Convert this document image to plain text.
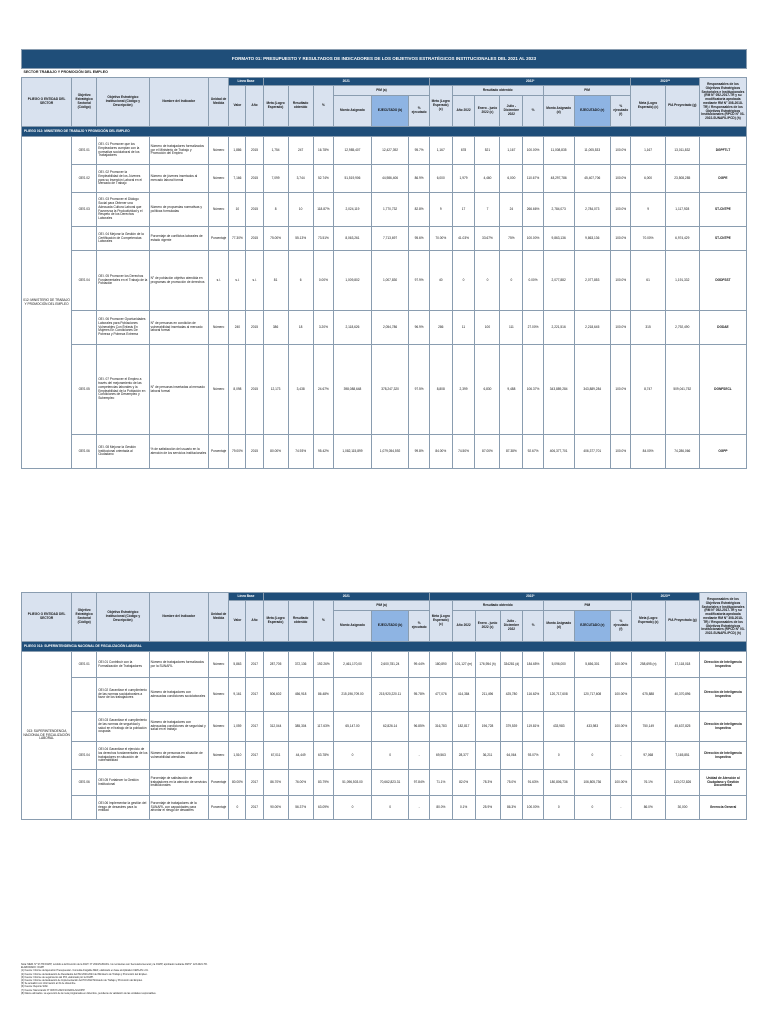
FORMATO 01: PRESUPUESTO Y RESULTADOS DE INDICADORES DE LOS OBJETIVOS ESTRATÉGICOS INSTITUCIONALES DEL 2021 AL 2023																							
SECTOR TRABAJO Y PROMOCIÓN DEL EMPLEO																							
PLIEGO O ENTIDAD DEL SECTOR	Objetivo Estratégico Sectorial (Código)	Objetivo Estratégico Institucional (Código y Descripción)	Nombre del Indicador	Unidad de Medida	Línea Base		2021						2022*								2023**		Responsables de los Objetivos Estratégicos Sectoriales e Institucionales (RM N° 052-2017-TR y su modificatoria aprobada mediante RM N° 308-2018-TR) / Responsables de los Objetivos Estratégicos Institucionales (RPCD N° 03-2022-SUNAFIL/PCD) (h)
					Valor	Año	Meta (Logro Esperado)	Resultado obtenido	%	PIM (a)			Meta (Logro Esperado) (c)	Resultado obtenido				PIM			Meta (Logro Esperado) (c)	PIA Proyectado (g)	
										Monto Asignado	EJECUTADO (b)	% ejecutado		Año 2022	Enero - junio 2022 (c)	Julio - Diciembre 2022	%	Monto Asignado (d)	EJECUTADO (e)	% ejecutado (f)			

PLIEGO 012: MINISTERIO DE TRABAJO Y PROMOCIÓN DEL EMPLEO																							
012: MINISTERIO DE TRABAJO Y PROMOCIÓN DEL EMPLEO	OES.01	OEI. 01 Promover que los Empleadores cumplan con la normativa sociolaboral de los Trabajadores	Número de trabajadores formalizados por el Ministerio de Trabajo y Promoción del Empleo	Número	1,886	2015	1,754	247	16.78%	12,985,407	12,427,392	95.7%	1,167	678	521	1,167	100.00%	11,008,835	11,005,533	100.0%	1,167	13,011,832	DGPFTLT
	OES.02	OEI. 02 Promover la Empleabilidad de los Jóvenes para su Inserción Laboral en el Mercado de Trabajo	Número de jóvenes insertados al mercado laboral formal	Número	7,166	2015	7,099	3,744	52.74%	51,519,906	44,986,406	86.9%	6,000	1,979	4,460	6,000	110.67%	48,297,786	45,407,706	100.0%	6,000	23,508,285	DGPE
	OES.03	OEI. 03 Promover el Diálogo Social para Obtener una Adecuada Cultura Laboral que Favorezca la Productividad y el Respeto de los Derechos Laborales	Número de propuestas normativas y políticas formuladas	Número	10	2015	8	10	118.87%	2,024,119	1,770,732	82.8%	9	17	7	24	266.66%	2,784,073	2,784,073	100.0%	9	1,117,928	ST-CNTPE
		OEI. 04 Mejorar la Gestión de la Certificación de Competencias Laborales	Porcentaje de conflictos laborales de estado vigente	Porcentaje	77.30%	2015	75.00%	55.13%	73.51%	8,063,261	7,713,697	95.6%	70.00%	41.03%	33.67%	75%	100.00%	9,863,136	9,863,136	100.0%	70.00%	6,974,429	ST-CNTPE
	OES.04	OEI. 05 Promover los Derechos Fundamentales en el Trabajo de la Población	N° de población objetivo atendida en programas de promoción de derechos	s.i.	s.i.	s.i.	81	6	0.00%	1,009,802	1,007,830	97.9%	40	0	0	0	0.00%	2,077,882	2,077,853	100.0%	61	1,191,332	DGDFSST
		OEI. 06 Promover Oportunidades Laborales para Poblaciones Vulnerables Con Énfasis En Mujeres En Condiciones De Pobreza y Pobreza Extrema	N° de personas en condición de vulnerabilidad insertadas al mercado laboral formal	Número	240	2015	386	18	3.20%	2,118,626	2,054,786	96.9%	286	11	100	111	27.00%	2,221,516	2,218,645	100.0%	315	2,792,490	DGDAE
	OES.05	OEI. 07 Promover el Empleo a través del mejoramiento de las competencias laborales y la Empleabilidad de la Población en Condiciones de Desempleo y Subempleo	N° de personas insertadas al mercado laboral formal	Número	8,098	2015	12,173	3,438	24.67%	398,088,648	378,247,320	97.5%	8,808	2,399	6,830	9,488	106.37%	343,889,284	343,889,284	100.0%	8,747	509,041,752	DGNFSECL
	OES.06	OEI. 08 Mejorar la Gestión Institucional orientada al Ciudadano	% de satisfacción del usuario en la atención de los servicios institucionales	Porcentaje	79.00%	2015	80.00%	74.93%	95.42%	1,082,115,899	1,079,054,592	99.8%	84.00%	74.50%	87.00%	87.38%	92.67%	406,377,701	406,377,701	100.0%	84.00%	74,286,066	OGPP
PLIEGO O ENTIDAD DEL SECTOR	Objetivo Estratégico Sectorial (Código)	Objetivo Estratégico Institucional (Código y Descripción)	Nombre del Indicador	Unidad de Medida	Línea Base		2021						2022*								2023**		Responsables de los Objetivos Estratégicos Sectoriales e Institucionales (RM N° 052-2017-TR y su modificatoria aprobada mediante RM N° 308-2018-TR) / Responsables de los Objetivos Estratégicos Institucionales (RPCD N° 03-2022-SUNAFIL/PCD) (h)
					Valor	Año	Meta (Logro Esperado)	Resultado obtenido	%	PIM (a)			Meta (Logro Esperado) (c)	Resultado obtenido				PIM			Meta (Logro Esperado) (c)	PIA Proyectado (g)	
										Monto Asignado	EJECUTADO (b)	% ejecutado		Año 2022	Enero - junio 2022 (c)	Julio - Diciembre 2022	%	Monto Asignado (d)	EJECUTADO (e)	% ejecutado (f)			

PLIEGO 013: SUPERINTENDENCIA NACIONAL DE FISCALIZACIÓN LABORAL																							
013: SUPERINTENDENCIA NACIONAL DE FISCALIZACIÓN LABORAL	OES.01	OEI.01 Contribuir con la Formalización de Trabajadores	Número de trabajadores formalizados por la SUNAFIL	Número	5,863	2017	287,705	372,136	192.26%	2,461,170,00	2,600,781,24	99.44%	180,890	101,127 (m)	176,954 (h)	334281 (d)	184.65%	5,096,000	5,656,301	100.00%	258,695 (n)	17,118,018	Dirección de Inteligencia Inspectiva
		OEI.02 Garantizar el cumplimiento de las normas sociolaborales a favor de los trabajadores	Número de trabajadores con adecuadas condiciones sociolaborales	Número	9,161	2017	506,602	456,918	86.48%	215,196,709.00	215,920,220.11	95.78%	477,076	414,384	211,496	425,780	116.62%	120,717,608	120,717,608	100.00%	675,888	40,370,896	Dirección de Inteligencia Inspectiva
		OEI.03 Garantizar el cumplimiento de las normas de seguridad y salud en el trabajo de la población ocupada	Número de trabajadores con adecuadas condiciones de seguridad y salud en el trabajo	Número	1,059	2017	312,044	385,304	117.63%	65,147.00	62,826.14	96.85%	316,783	182,817	196,728	379,539	119.81%	433,983	433,983	100.00%	750,149	45,637,825	Dirección de Inteligencia Inspectiva
	OES.04	OEI.04 Garantizar el ejercicio de los derechos fundamentales de los trabajadores en situación de vulnerabilidad	Número de personas en situación de vulnerabilidad atendidas	Número	1,510	2017	67,011	44,449	63.78%	0	0	-	69,563	28,377	36,211	64,064	93.07%	0	0	-	97,068	7,165,851	Dirección de Inteligencia Inspectiva
	OES.06	OEI.05 Fortalecer la Gestión Institucional	Porcentaje de satisfacción de trabajadores en la atención de servicios institucionales	Porcentaje	80.00%	2017	86.70%	76.00%	83.79%	51,096,503.00	70,662,823.31	97.84%	71.1%	82.0%	78.3%	75.0%	91.63%	180,806,736	106,805,736	100.00%	76.1%	113,072,826	Unidad de Atención al Ciudadano y Gestión Documental
		OEI.06 Implementar la gestión del riesgo de desastres para la entidad	Porcentaje de trabajadores de la SUNAFIL con capacidades para afrontar el riesgo de desastres	Porcentaje	0	2017	90.00%	56.37%	63.09%	0	0	-	80.0%	0.1%	25.9%	86.3%	100.00%	0	0	-	86.0%	30,000	Gerencia General
Nota: MEM. N° 97-TR/OGPP, remitido a la Dirección de la DGIT. N° 2024/SUNAFIL. los remitentes son Secretaría General y la OGPP, aprobado mediante RM N° 123-2021-TR.
ELABORADO: OGPP
(1) Fuente: Informe de Ejecución Presupuestal - Consulta Amigable MEF; elaborado en base al Aplicativo CEPLAN v.01.
(2) Fuente: Informe de Evaluación de Resultados del PEI 2020-2024 del Ministerio de Trabajo y Promoción del Empleo.
(3) Fuente: Informe de seguimiento del POI, elaborado por la OGPP.
(4) Fuente: Informe de Evaluación de Implementación del POI 2022 Ministerio de Trabajo y Promoción del Empleo.
(5) Se actualizó con información al 31 de diciembre.
(6) Fuente: Reporte SIAF.
(7) Fuente: Memorando N° 00XXX-2023-SUNAFIL/GG/OPP.
(8) Datos estimados. La ejecución de la meta programada en diciembre, pendiente de validación de las unidades responsables.
